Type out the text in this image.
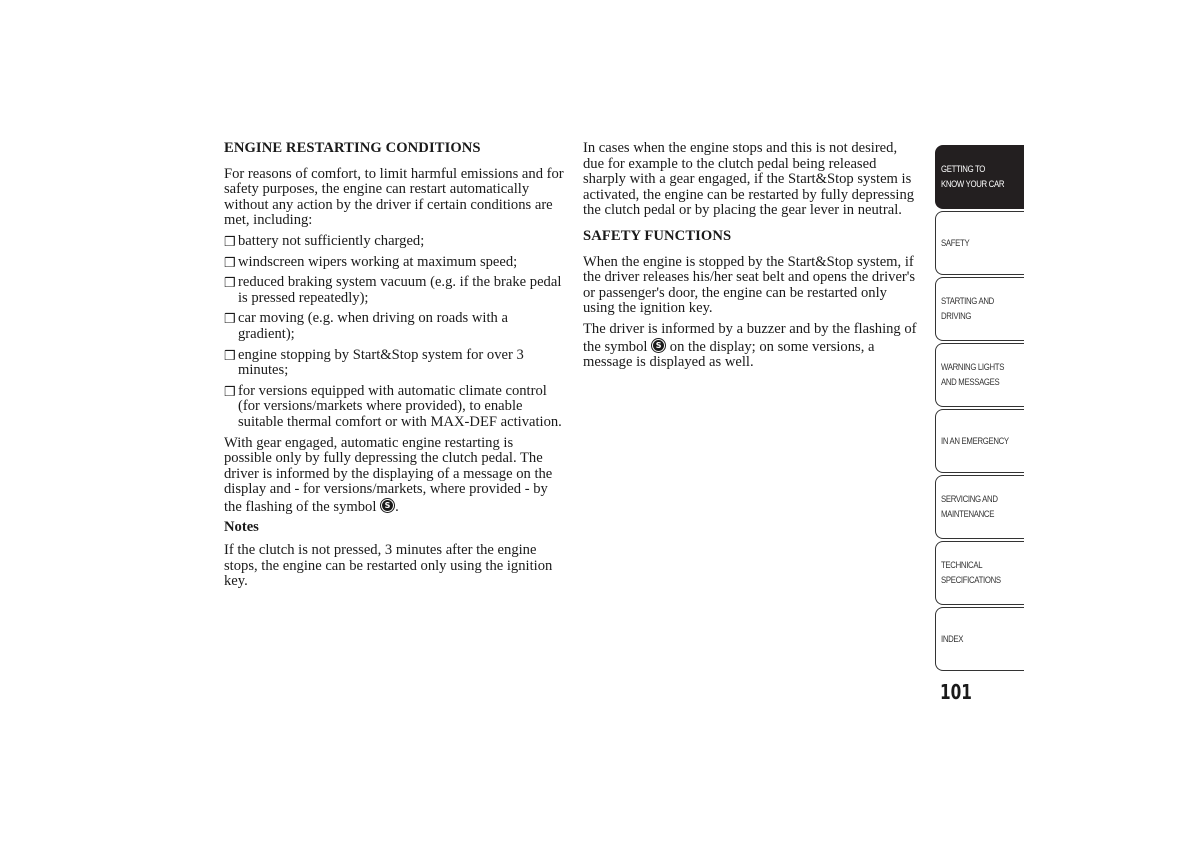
ENGINE RESTARTING CONDITIONS

For reasons of comfort, to limit harmful emissions and for safety purposes, the engine can restart automatically without any action by the driver if certain conditions are met, including:

❒ battery not sufficiently charged;
❒ windscreen wipers working at maximum speed;
❒ reduced braking system vacuum (e.g. if the brake pedal is pressed repeatedly);
❒ car moving (e.g. when driving on roads with a gradient);
❒ engine stopping by Start&Stop system for over 3 minutes;
❒ for versions equipped with automatic climate control (for versions/markets where provided), to enable suitable thermal comfort or with MAX-DEF activation.

With gear engaged, automatic engine restarting is possible only by fully depressing the clutch pedal. The driver is informed by the displaying of a message on the display and - for versions/markets, where provided - by the flashing of the symbol	S .

Notes

If the clutch is not pressed, 3 minutes after the engine stops, the engine can be restarted only using the ignition key.

In cases when the engine stops and this is not desired, due for example to the clutch pedal being released sharply with a gear engaged, if the Start&Stop system is activated, the engine can be restarted by fully depressing the clutch pedal or by placing the gear lever in neutral.

SAFETY FUNCTIONS

When the engine is stopped by the Start&Stop system, if the driver releases his/her seat belt and opens the driver's or passenger's door, the engine can be restarted only using the ignition key.

The driver is informed by a buzzer and by the flashing of the symbol	S on the display; on some versions, a message is displayed as well.

GETTING TO
KNOW YOUR CAR
SAFETY
STARTING AND
DRIVING
WARNING LIGHTS
AND MESSAGES
IN AN EMERGENCY
SERVICING AND
MAINTENANCE
TECHNICAL
SPECIFICATIONS
INDEX
101
